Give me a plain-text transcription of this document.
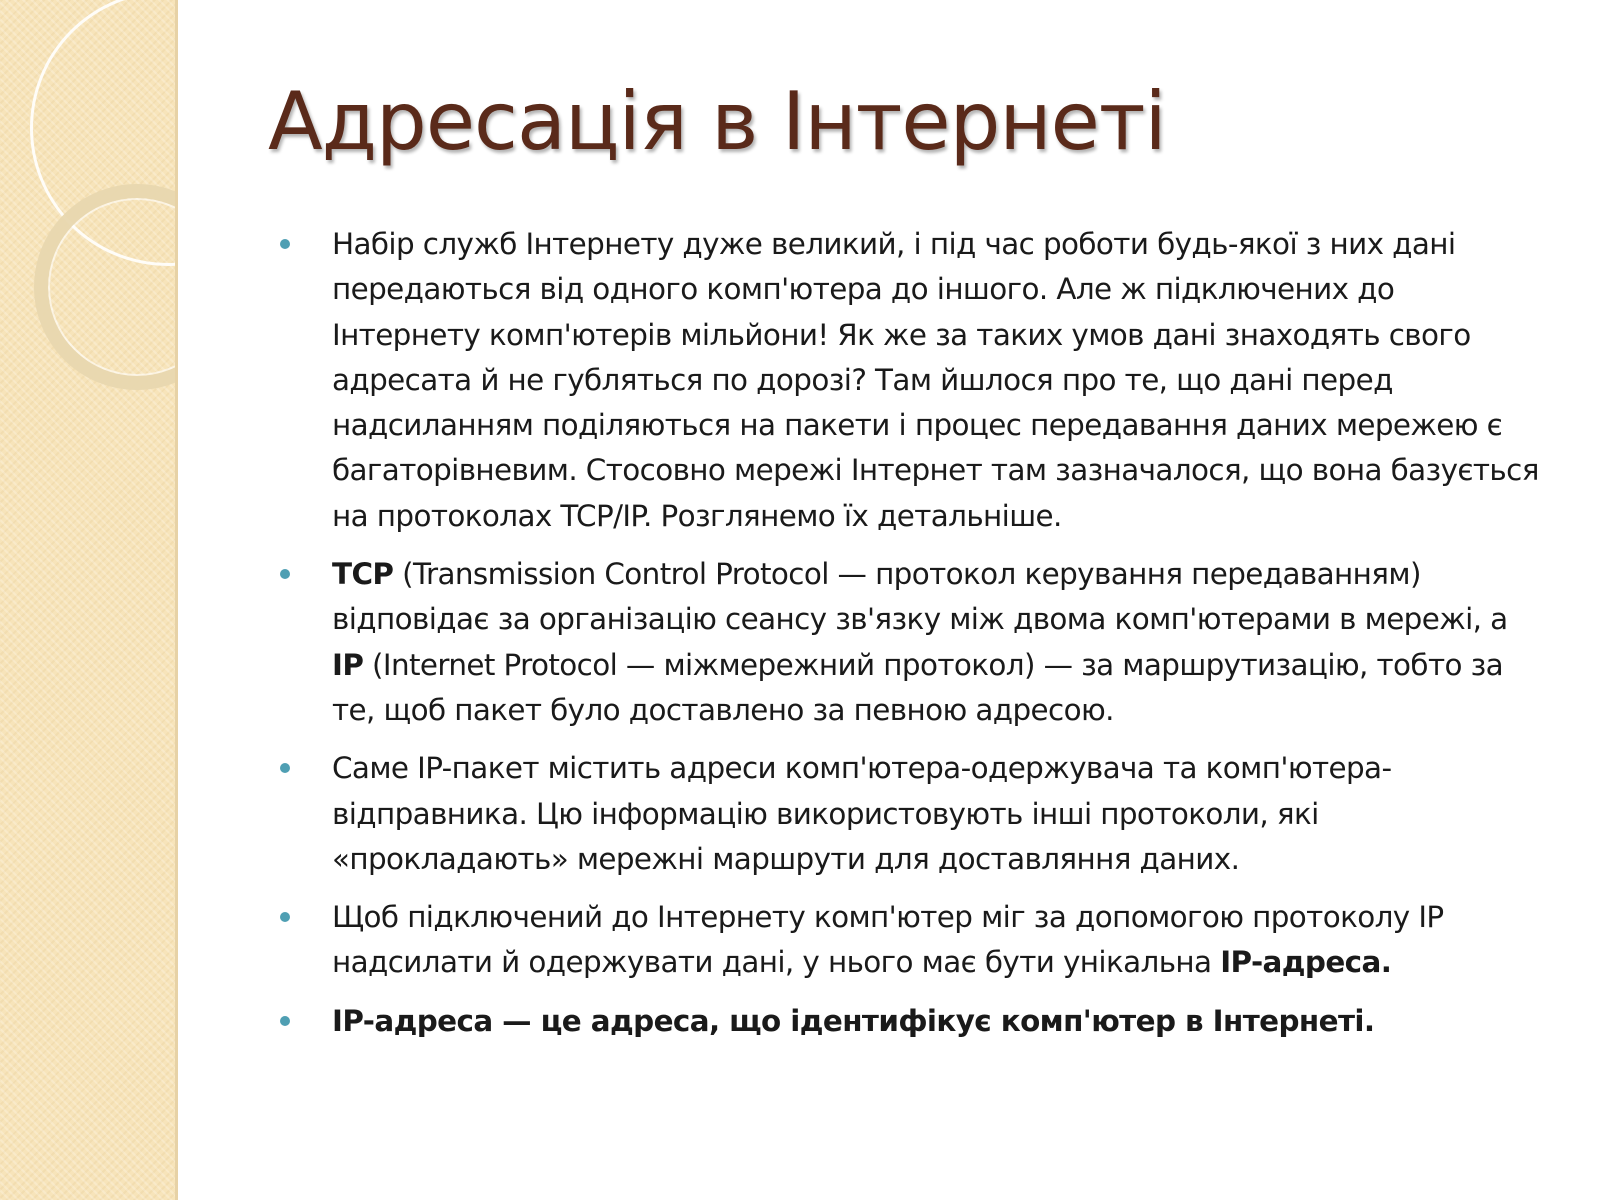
Адресація в Інтернеті
Набір служб Інтернету дуже великий, і під час роботи будь-якої з них дані передаються від одного комп'ютера до іншого. Але ж підключених до Інтернету комп'ютерів мільйони! Як же за таких умов дані знаходять свого адресата й не губляться по дорозі? Там йшлося про те, що дані перед надсиланням поділяються на пакети і процес передавання даних мережею є багаторівневим. Стосовно мережі Інтернет там зазначалося, що вона базується на протоколах TCP/IP. Розглянемо їх детальніше.
TCP (Transmission Control Protocol — протокол керування передаванням) відповідає за організацію сеансу зв'язку між двома комп'ютерами в мережі, а IP (Internet Protocol — міжмережний протокол) — за маршрутизацію, тобто за те, щоб пакет було доставлено за певною адресою.
Саме IP-пакет містить адреси комп'ютера-одержувача та комп'ютера-відправника. Цю інформацію використовують інші протоколи, які «прокладають» мережні маршрути для доставляння даних.
Щоб підключений до Інтернету комп'ютер міг за допомогою протоколу IP надсилати й одержувати дані, у нього має бути унікальна IP-адреса.
IP-адреса — це адреса, що ідентифікує комп'ютер в Інтернеті.
